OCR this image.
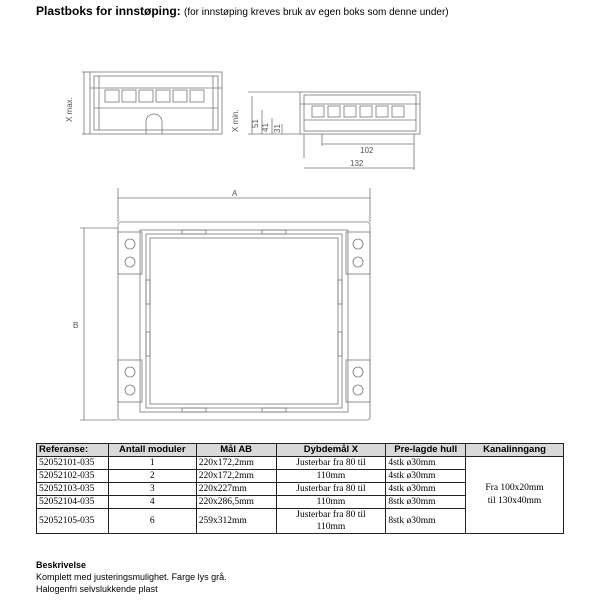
Plastboks for innstøping: (for innstøping kreves bruk av egen boks som denne under)
X max.	X min. 51 41 31
102
132
A
B
Referanse:	Antall moduler	Mål AB	Dybdemål X	Pre-lagde hull	Kanalinngang
52052101-035	1	220x172,2mm	Justerbar fra 80 til	4stk ø30mm	Fra 100x20mm
til 130x40mm
52052102-035	2	220x172,2mm	110mm	4stk ø30mm	
52052103-035	3	220x227mm	Justerbar fra 80 til	4stk ø30mm	
52052104-035	4	220x286,5mm	110mm	8stk ø30mm	
52052105-035	6	259x312mm	Justerbar fra 80 til
110mm	8stk ø30mm	
Beskrivelse
Komplett med justeringsmulighet. Farge lys grå.
Halogenfri selvslukkende plast
